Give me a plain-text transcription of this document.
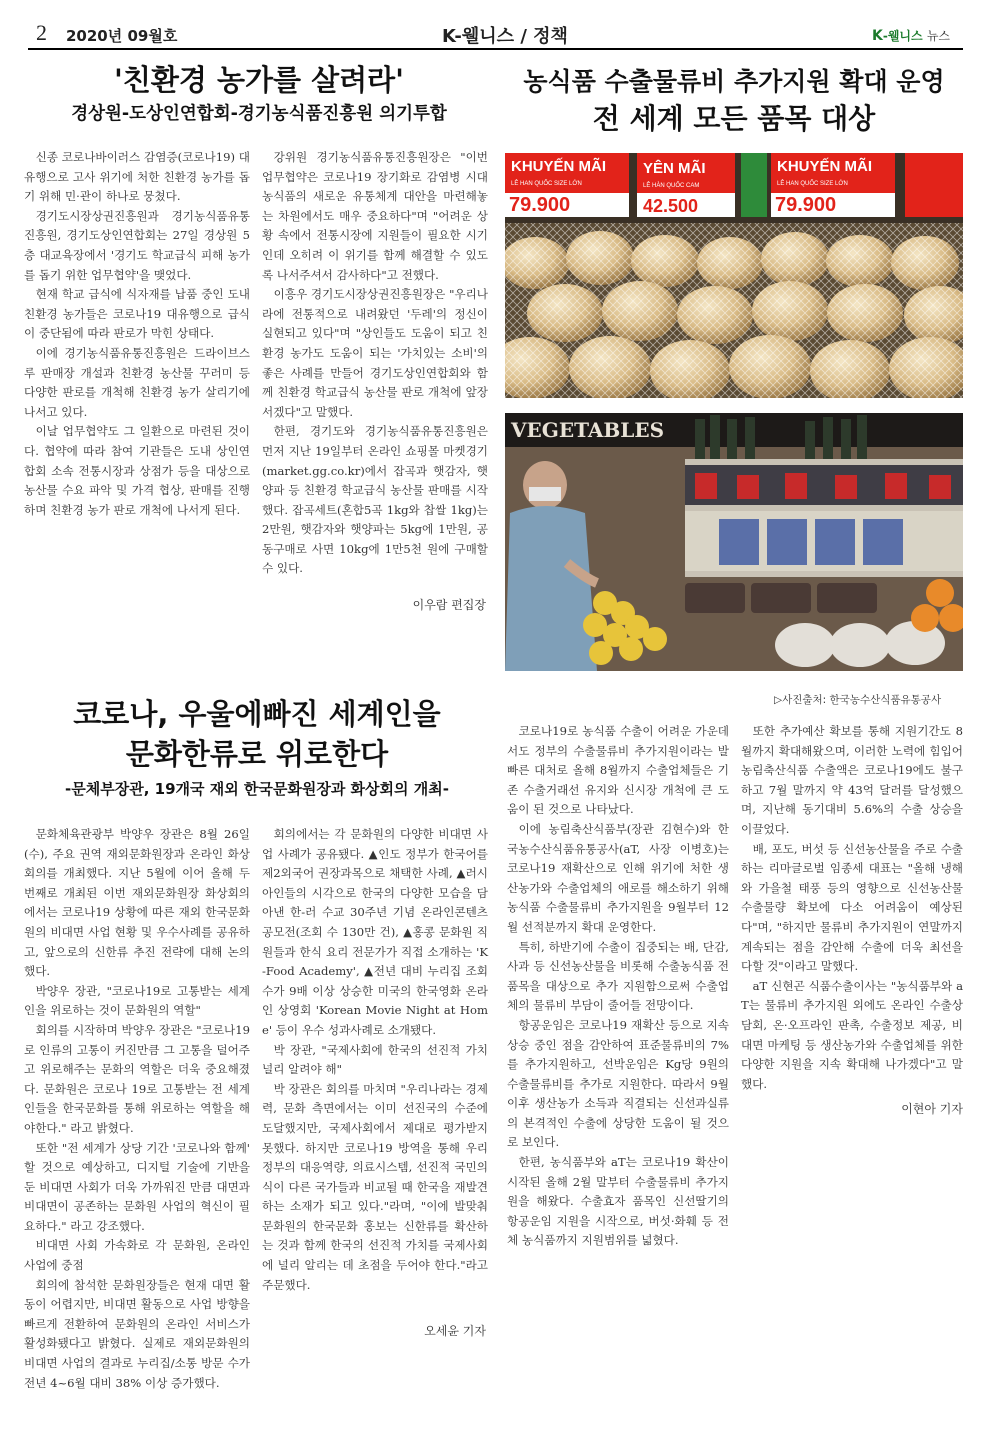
2 2020년 09월호	K-웰니스 / 정책	K-웰니스 뉴스
'친환경 농가를 살려라'
경상원-도상인연합회-경기농식품진흥원 의기투합

신종 코로나바이러스 감염증(코로나19) 대유행으로 고사 위기에 처한 친환경 농가를 돕기 위해 민·관이 하나로 뭉쳤다.

경기도시장상권진흥원과 경기농식품유통진흥원, 경기도상인연합회는 27일 경상원 5층 대교육장에서 '경기도 학교급식 피해 농가를 돕기 위한 업무협약'을 맺었다.

현재 학교 급식에 식자재를 납품 중인 도내 친환경 농가들은 코로나19 대유행으로 급식이 중단됨에 따라 판로가 막힌 상태다.

이에 경기농식품유통진흥원은 드라이브스루 판매장 개설과 친환경 농산물 꾸러미 등 다양한 판로를 개척해 친환경 농가 살리기에 나서고 있다.

이날 업무협약도 그 일환으로 마련된 것이다. 협약에 따라 참여 기관들은 도내 상인연합회 소속 전통시장과 상점가 등을 대상으로 농산물 수요 파악 및 가격 협상, 판매를 진행하며 친환경 농가 판로 개척에 나서게 된다.

강위원 경기농식품유통진흥원장은 "이번 업무협약은 코로나19 장기화로 감염병 시대 농식품의 새로운 유통체계 대안을 마련해놓는 차원에서도 매우 중요하다"며 "어려운 상황 속에서 전통시장에 지원들이 필요한 시기인데 오히려 이 위기를 함께 해결할 수 있도록 나서주셔서 감사하다"고 전했다.

이흥우 경기도시장상권진흥원장은 "우리나라에 전통적으로 내려왔던 '두레'의 정신이 실현되고 있다"며 "상인들도 도움이 되고 친환경 농가도 도움이 되는 '가치있는 소비'의 좋은 사례를 만들어 경기도상인연합회와 함께 친환경 학교급식 농산물 판로 개척에 앞장서겠다"고 말했다.

한편, 경기도와 경기농식품유통진흥원은 먼저 지난 19일부터 온라인 쇼핑몰 마켓경기(market.gg.co.kr)에서 잡곡과 햇감자, 햇양파 등 친환경 학교급식 농산물 판매를 시작했다. 잡곡세트(혼합5곡 1kg와 찹쌀 1kg)는 2만원, 햇감자와 햇양파는 5kg에 1만원, 공동구매로 사면 10kg에 1만5천 원에 구매할 수 있다.

이우람 편집장
농식품 수출물류비 추가지원 확대 운영
전 세계 모든 품목 대상
KHUYẾN MÃI
79.900
LÊ HAN QUỐC SIZE LỚN
YÊN MÃI
42.500
LÊ HÀN QUỐC CAM
KHUYẾN MÃI
79.900
LÊ HAN QUỐC SIZE LỚN
VEGETABLES
▷사진출처: 한국농수산식품유통공사

코로나19로 농식품 수출이 어려운 가운데서도 정부의 수출물류비 추가지원이라는 발 빠른 대처로 올해 8월까지 수출업체들은 기존 수출거래선 유지와 신시장 개척에 큰 도움이 된 것으로 나타났다.

이에 농림축산식품부(장관 김현수)와 한국농수산식품유통공사(aT, 사장 이병호)는 코로나19 재확산으로 인해 위기에 처한 생산농가와 수출업체의 애로를 해소하기 위해 농식품 수출물류비 추가지원을 9월부터 12월 선적분까지 확대 운영한다.

특히, 하반기에 수출이 집중되는 배, 단감, 사과 등 신선농산물을 비롯해 수출농식품 전 품목을 대상으로 추가 지원함으로써 수출업체의 물류비 부담이 줄어들 전망이다.

항공운임은 코로나19 재확산 등으로 지속 상승 중인 점을 감안하여 표준물류비의 7%를 추가지원하고, 선박운임은 Kg당 9원의 수출물류비를 추가로 지원한다. 따라서 9월 이후 생산농가 소득과 직결되는 신선과실류의 본격적인 수출에 상당한 도움이 될 것으로 보인다.

한편, 농식품부와 aT는 코로나19 확산이 시작된 올해 2월 말부터 수출물류비 추가지원을 해왔다. 수출효자 품목인 신선딸기의 항공운임 지원을 시작으로, 버섯·화훼 등 전체 농식품까지 지원범위를 넓혔다.

또한 추가예산 확보를 통해 지원기간도 8월까지 확대해왔으며, 이러한 노력에 힘입어 농림축산식품 수출액은 코로나19에도 불구하고 7월 말까지 약 43억 달러를 달성했으며, 지난해 동기대비 5.6%의 수출 상승을 이끌었다.

배, 포도, 버섯 등 신선농산물을 주로 수출하는 리마글로벌 임종세 대표는 "올해 냉해와 가을철 태풍 등의 영향으로 신선농산물 수출물량 확보에 다소 어려움이 예상된다"며, "하지만 물류비 추가지원이 연말까지 계속되는 점을 감안해 수출에 더욱 최선을 다할 것"이라고 말했다.

aT 신현곤 식품수출이사는 "농식품부와 aT는 물류비 추가지원 외에도 온라인 수출상담회, 온·오프라인 판촉, 수출정보 제공, 비대면 마케팅 등 생산농가와 수출업체를 위한 다양한 지원을 지속 확대해 나가겠다"고 말했다.

이현아 기자
코로나, 우울에빠진 세계인을
문화한류로 위로한다
-문체부장관, 19개국 재외 한국문화원장과 화상회의 개최-

문화체육관광부 박양우 장관은 8월 26일(수), 주요 권역 재외문화원장과 온라인 화상 회의를 개최했다. 지난 5월에 이어 올해 두 번째로 개최된 이번 재외문화원장 화상회의에서는 코로나19 상황에 따른 재외 한국문화원의 비대면 사업 현황 및 우수사례를 공유하고, 앞으로의 신한류 추진 전략에 대해 논의했다.

박양우 장관, "코로나19로 고통받는 세계인을 위로하는 것이 문화원의 역할"

회의를 시작하며 박양우 장관은 "코로나19로 인류의 고통이 커진만큼 그 고통을 덜어주고 위로해주는 문화의 역할은 더욱 중요해졌다. 문화원은 코로나 19로 고통받는 전 세계인들을 한국문화를 통해 위로하는 역할을 해야한다." 라고 밝혔다.

또한 "전 세계가 상당 기간 '코로나와 함께' 할 것으로 예상하고, 디지털 기술에 기반을 둔 비대면 사회가 더욱 가까워진 만큼 대면과 비대면이 공존하는 문화원 사업의 혁신이 필요하다." 라고 강조했다.

비대면 사회 가속화로 각 문화원, 온라인 사업에 중점

회의에 참석한 문화원장들은 현재 대면 활동이 어렵지만, 비대면 활동으로 사업 방향을 빠르게 전환하여 문화원의 온라인 서비스가 활성화됐다고 밝혔다. 실제로 재외문화원의 비대면 사업의 결과로 누리집/소통 방문 수가 전년 4~6월 대비 38% 이상 증가했다.

회의에서는 각 문화원의 다양한 비대면 사업 사례가 공유됐다. ▲인도 정부가 한국어를 제2외국어 권장과목으로 채택한 사례, ▲러시아인들의 시각으로 한국의 다양한 모습을 담아낸 한-러 수교 30주년 기념 온라인콘텐츠 공모전(조회 수 130만 건), ▲홍콩 문화원 직원들과 한식 요리 전문가가 직접 소개하는 'K-Food Academy', ▲전년 대비 누리집 조회 수가 9배 이상 상승한 미국의 한국영화 온라인 상영회 'Korean Movie Night at Home' 등이 우수 성과사례로 소개됐다.

박 장관, "국제사회에 한국의 선진적 가치 널리 알려야 해"

박 장관은 회의를 마치며 "우리나라는 경제력, 문화 측면에서는 이미 선진국의 수준에 도달했지만, 국제사회에서 제대로 평가받지 못했다. 하지만 코로나19 방역을 통해 우리 정부의 대응역량, 의료시스템, 선진적 국민의식이 다른 국가들과 비교될 때 한국을 재발견하는 소재가 되고 있다."라며, "이에 발맞춰 문화원의 한국문화 홍보는 신한류를 확산하는 것과 함께 한국의 선진적 가치를 국제사회에 널리 알리는 데 초점을 두어야 한다."라고 주문했다.

오세윤 기자
